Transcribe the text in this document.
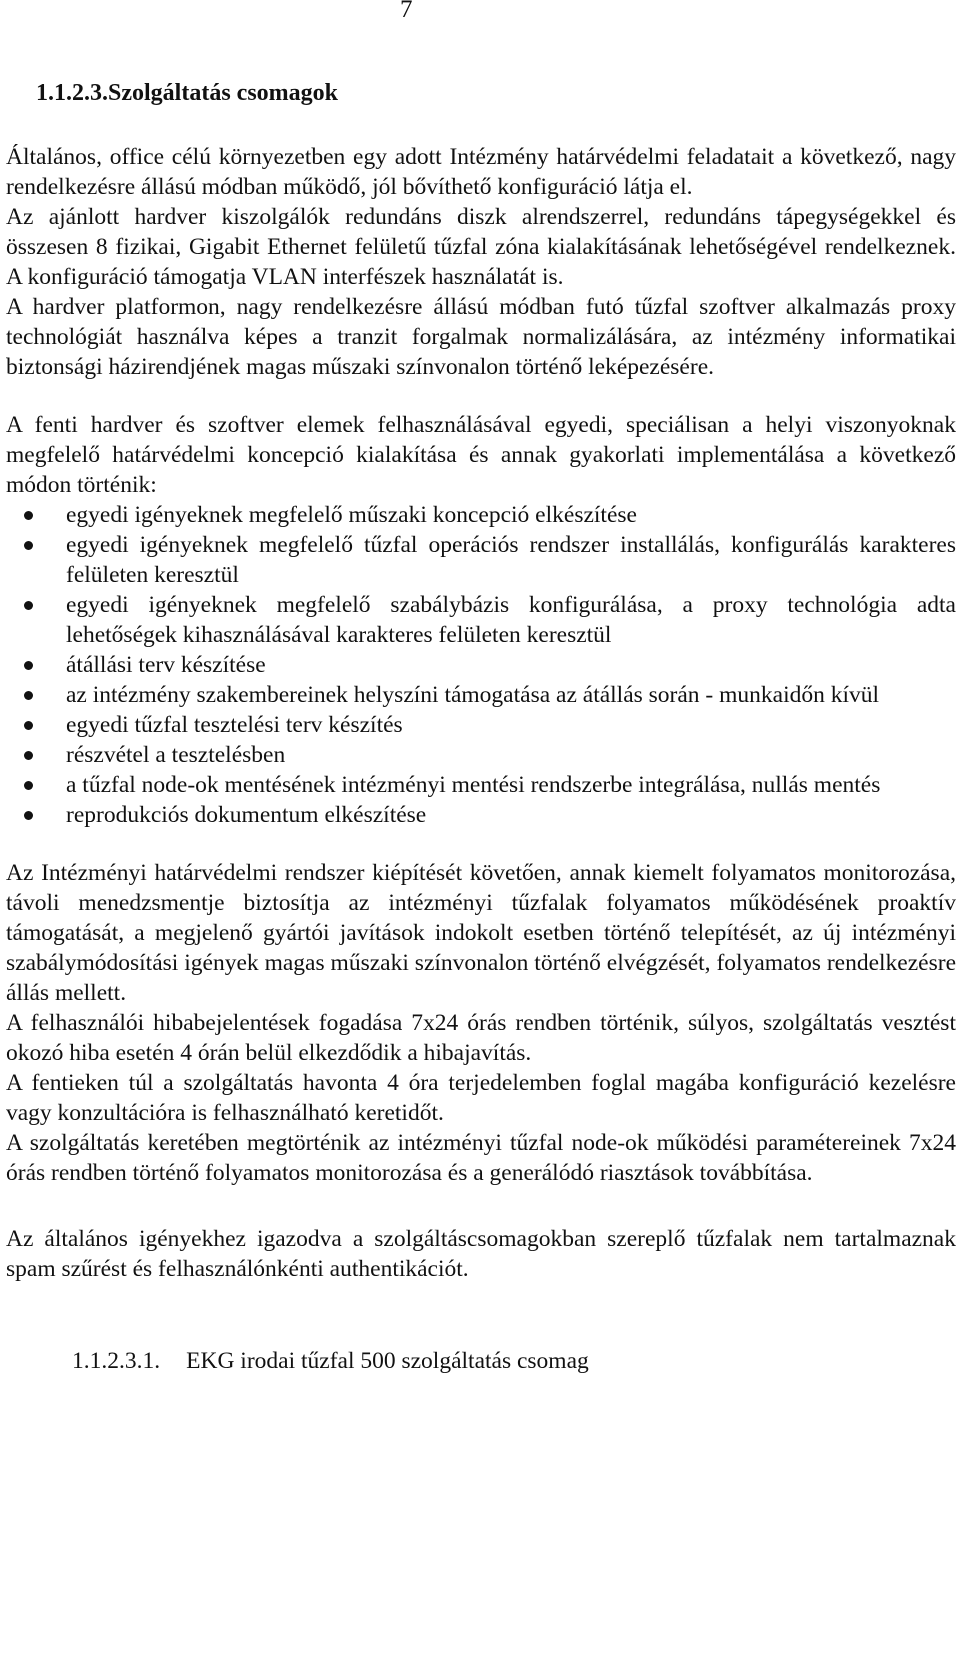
7
1.1.2.3.Szolgáltatás csomagok

Általános, office célú környezetben egy adott Intézmény határvédelmi feladatait a következő, nagy rendelkezésre állású módban működő, jól bővíthető konfiguráció látja el.

Az ajánlott hardver kiszolgálók redundáns diszk alrendszerrel, redundáns tápegységekkel és összesen 8 fizikai, Gigabit Ethernet felületű tűzfal zóna kialakításának lehetőségével rendelkeznek. A konfiguráció támogatja VLAN interfészek használatát is.

A hardver platformon, nagy rendelkezésre állású módban futó tűzfal szoftver alkalmazás proxy technológiát használva képes a tranzit forgalmak normalizálására, az intézmény informatikai biztonsági házirendjének magas műszaki színvonalon történő leképezésére.

A fenti hardver és szoftver elemek felhasználásával egyedi, speciálisan a helyi viszonyoknak megfelelő határvédelmi koncepció kialakítása és annak gyakorlati implementálása a következő módon történik:

egyedi igényeknek megfelelő műszaki koncepció elkészítése
egyedi igényeknek megfelelő tűzfal operációs rendszer installálás, konfigurálás karakteres felületen keresztül
egyedi igényeknek megfelelő szabálybázis konfigurálása, a proxy technológia adta lehetőségek kihasználásával karakteres felületen keresztül
átállási terv készítése
az intézmény szakembereinek helyszíni támogatása az átállás során - munkaidőn kívül
egyedi tűzfal tesztelési terv készítés
részvétel a tesztelésben
a tűzfal node-ok mentésének intézményi mentési rendszerbe integrálása, nullás mentés
reprodukciós dokumentum elkészítése

Az Intézményi határvédelmi rendszer kiépítését követően, annak kiemelt folyamatos monitorozása, távoli menedzsmentje biztosítja az intézményi tűzfalak folyamatos működésének proaktív támogatását, a megjelenő gyártói javítások indokolt esetben történő telepítését, az új intézményi szabálymódosítási igények magas műszaki színvonalon történő elvégzését, folyamatos rendelkezésre állás mellett.

A felhasználói hibabejelentések fogadása 7x24 órás rendben történik, súlyos, szolgáltatás vesztést okozó hiba esetén 4 órán belül elkezdődik a hibajavítás.

A fentieken túl a szolgáltatás havonta 4 óra terjedelemben foglal magába konfiguráció kezelésre vagy konzultációra is felhasználható keretidőt.

A szolgáltatás keretében megtörténik az intézményi tűzfal node-ok működési paramétereinek 7x24 órás rendben történő folyamatos monitorozása és a generálódó riasztások továbbítása.

Az általános igényekhez igazodva a szolgáltáscsomagokban szereplő tűzfalak nem tartalmaznak spam szűrést és felhasználónkénti authentikációt.

1.1.2.3.1. EKG irodai tűzfal 500 szolgáltatás csomag
